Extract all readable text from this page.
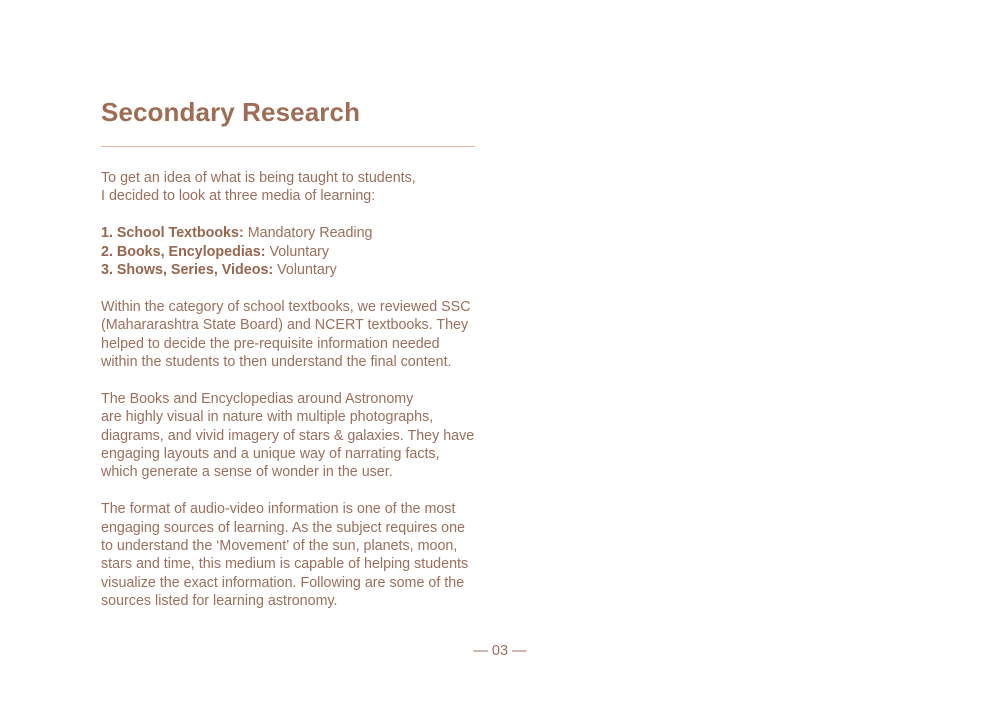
Secondary Research

To get an idea of what is being taught to students,
I decided to look at three media of learning:

1. School Textbooks: Mandatory Reading
2. Books, Encylopedias: Voluntary
3. Shows, Series, Videos: Voluntary

Within the category of school textbooks, we reviewed SSC
(Mahararashtra State Board) and NCERT textbooks. They
helped to decide the pre-requisite information needed
within the students to then understand the final content.

The Books and Encyclopedias around Astronomy
are highly visual in nature with multiple photographs,
diagrams, and vivid imagery of stars & galaxies. They have
engaging layouts and a unique way of narrating facts,
which generate a sense of wonder in the user.

The format of audio-video information is one of the most
engaging sources of learning. As the subject requires one
to understand the ‘Movement’ of the sun, planets, moon,
stars and time, this medium is capable of helping students
visualize the exact information. Following are some of the
sources listed for learning astronomy.

— 03 —
